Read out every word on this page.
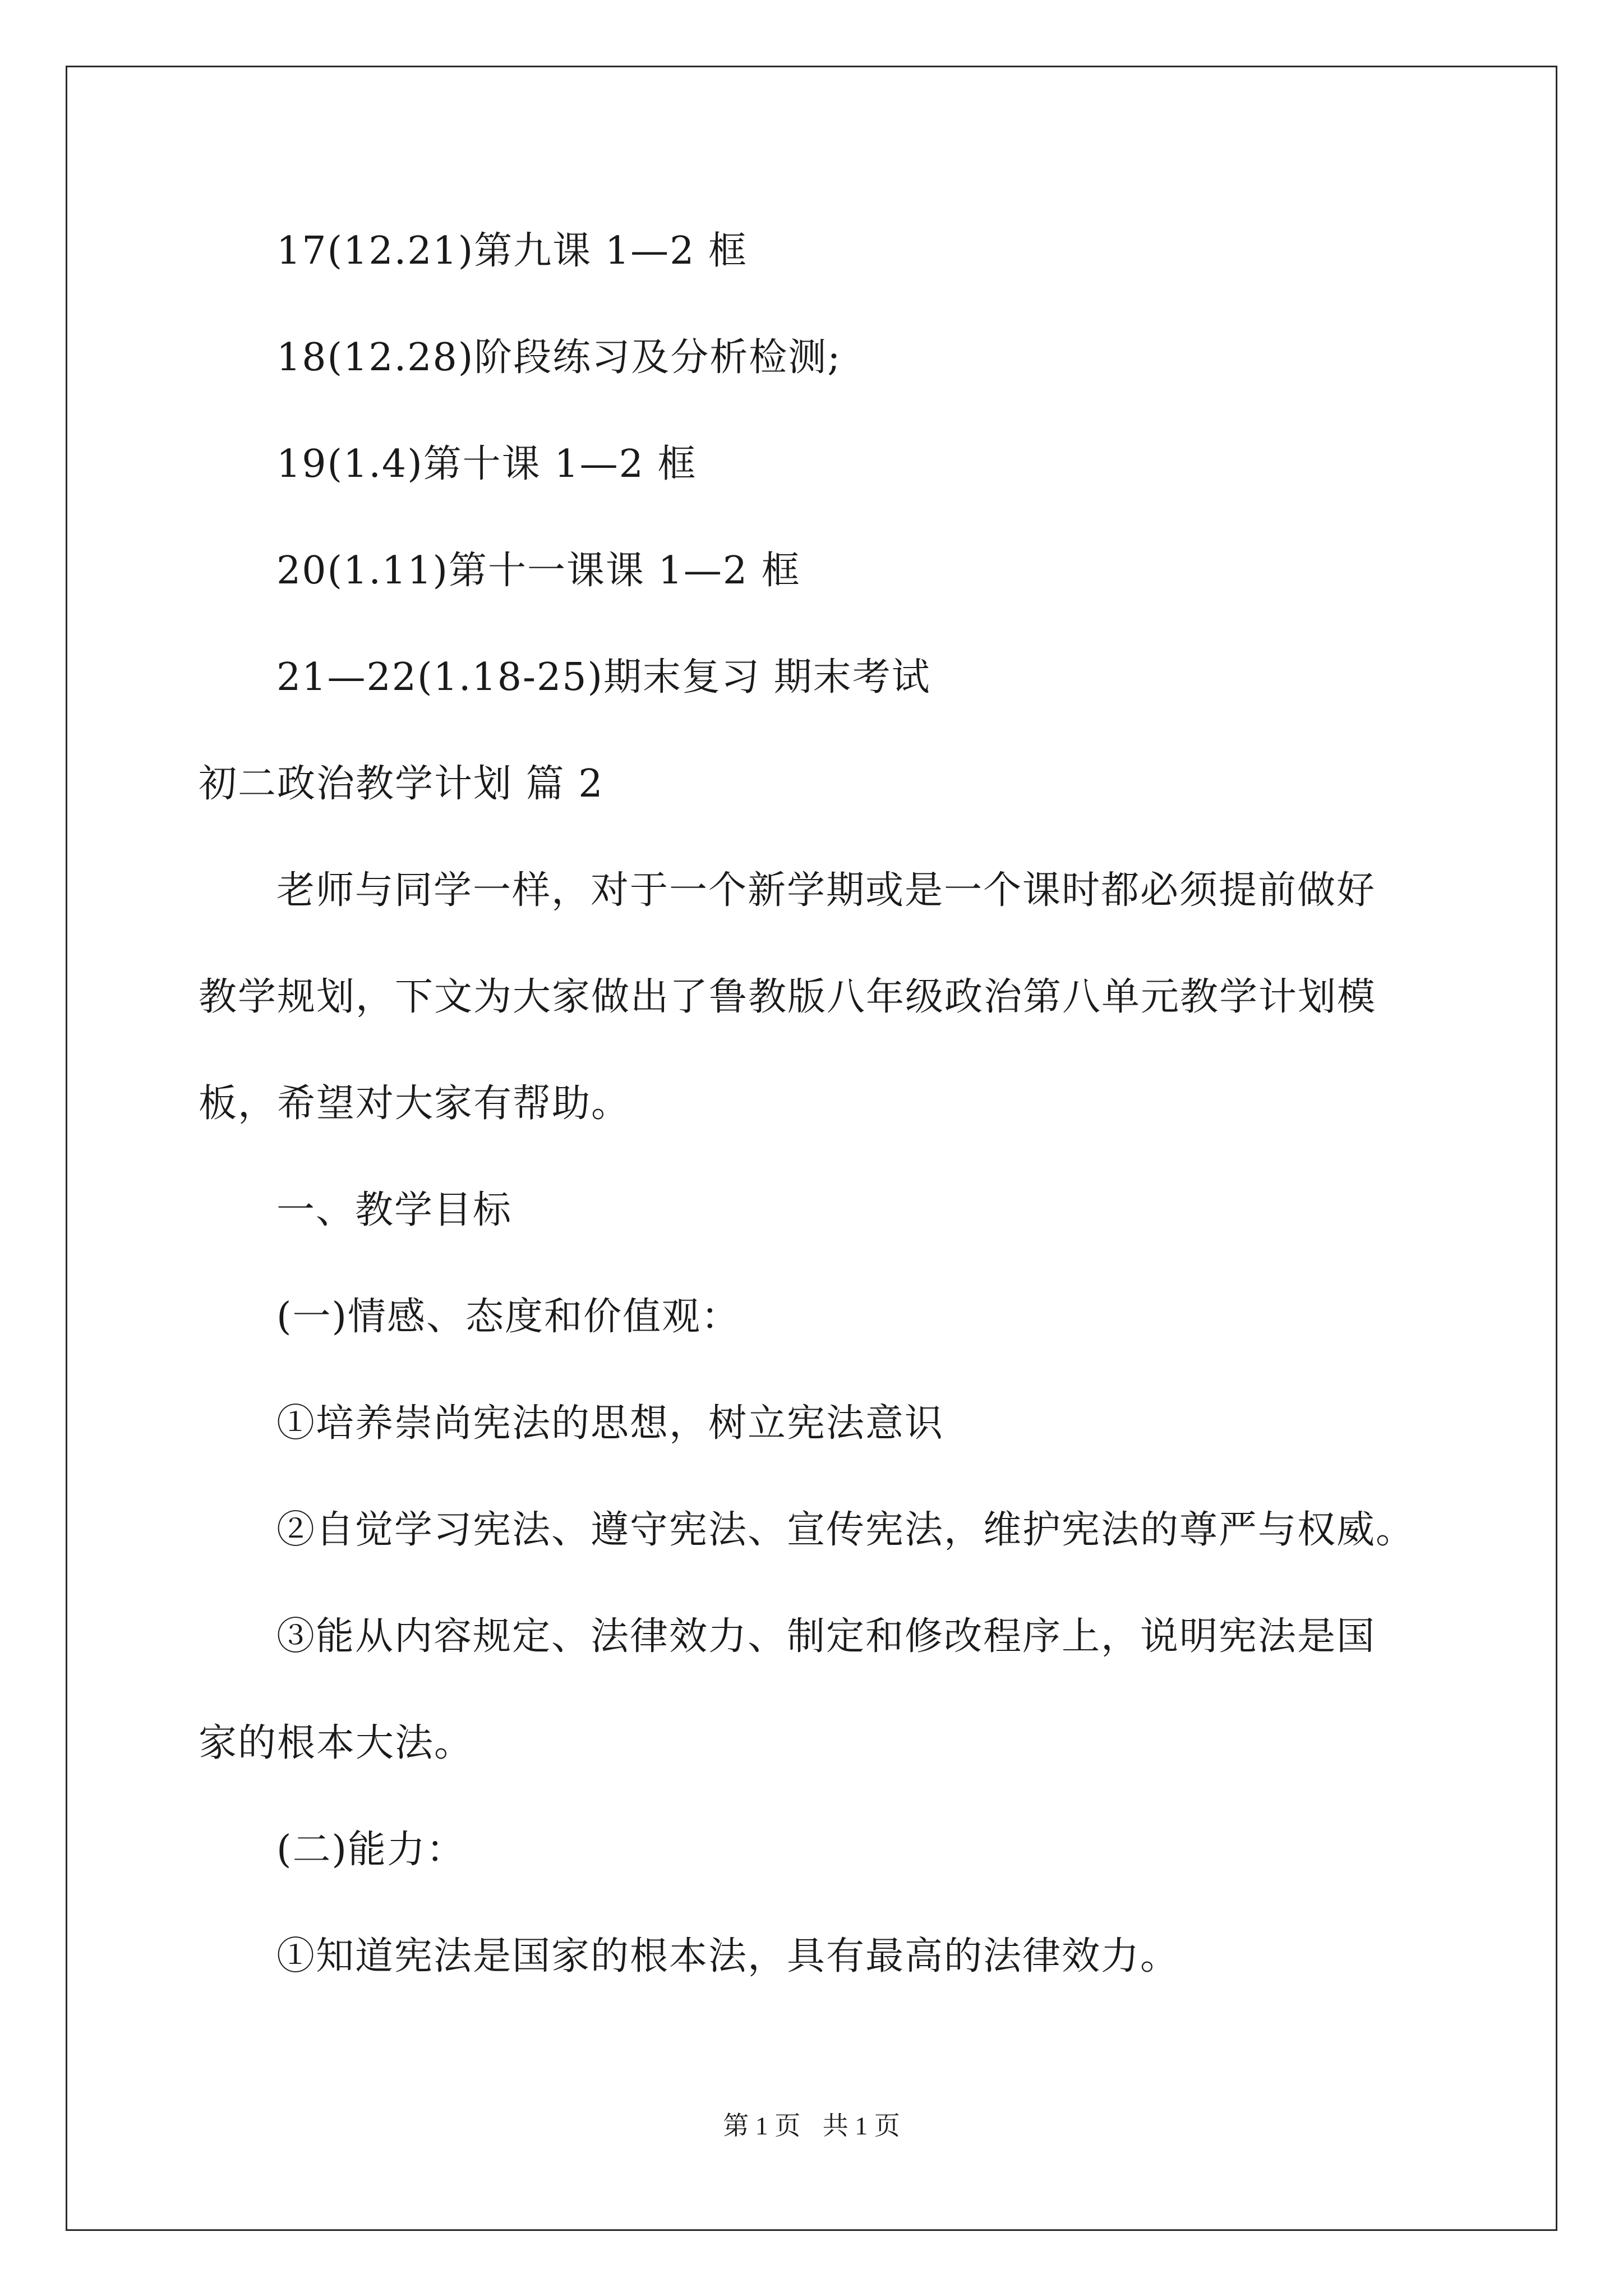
17(12.21)第九课 1—2 框
18(12.28)阶段练习及分析检测;
19(1.4)第十课 1—2 框
20(1.11)第十一课课 1—2 框
21—22(1.18-25)期末复习 期末考试
初二政治教学计划 篇 2
老师与同学一样，对于一个新学期或是一个课时都必须提前做好
教学规划，下文为大家做出了鲁教版八年级政治第八单元教学计划模
板，希望对大家有帮助。
一、教学目标
(一)情感、态度和价值观：
①培养崇尚宪法的思想，树立宪法意识
②自觉学习宪法、遵守宪法、宣传宪法，维护宪法的尊严与权威。
③能从内容规定、法律效力、制定和修改程序上，说明宪法是国
家的根本大法。
(二)能力：
①知道宪法是国家的根本法，具有最高的法律效力。
第 1 页 共 1 页
